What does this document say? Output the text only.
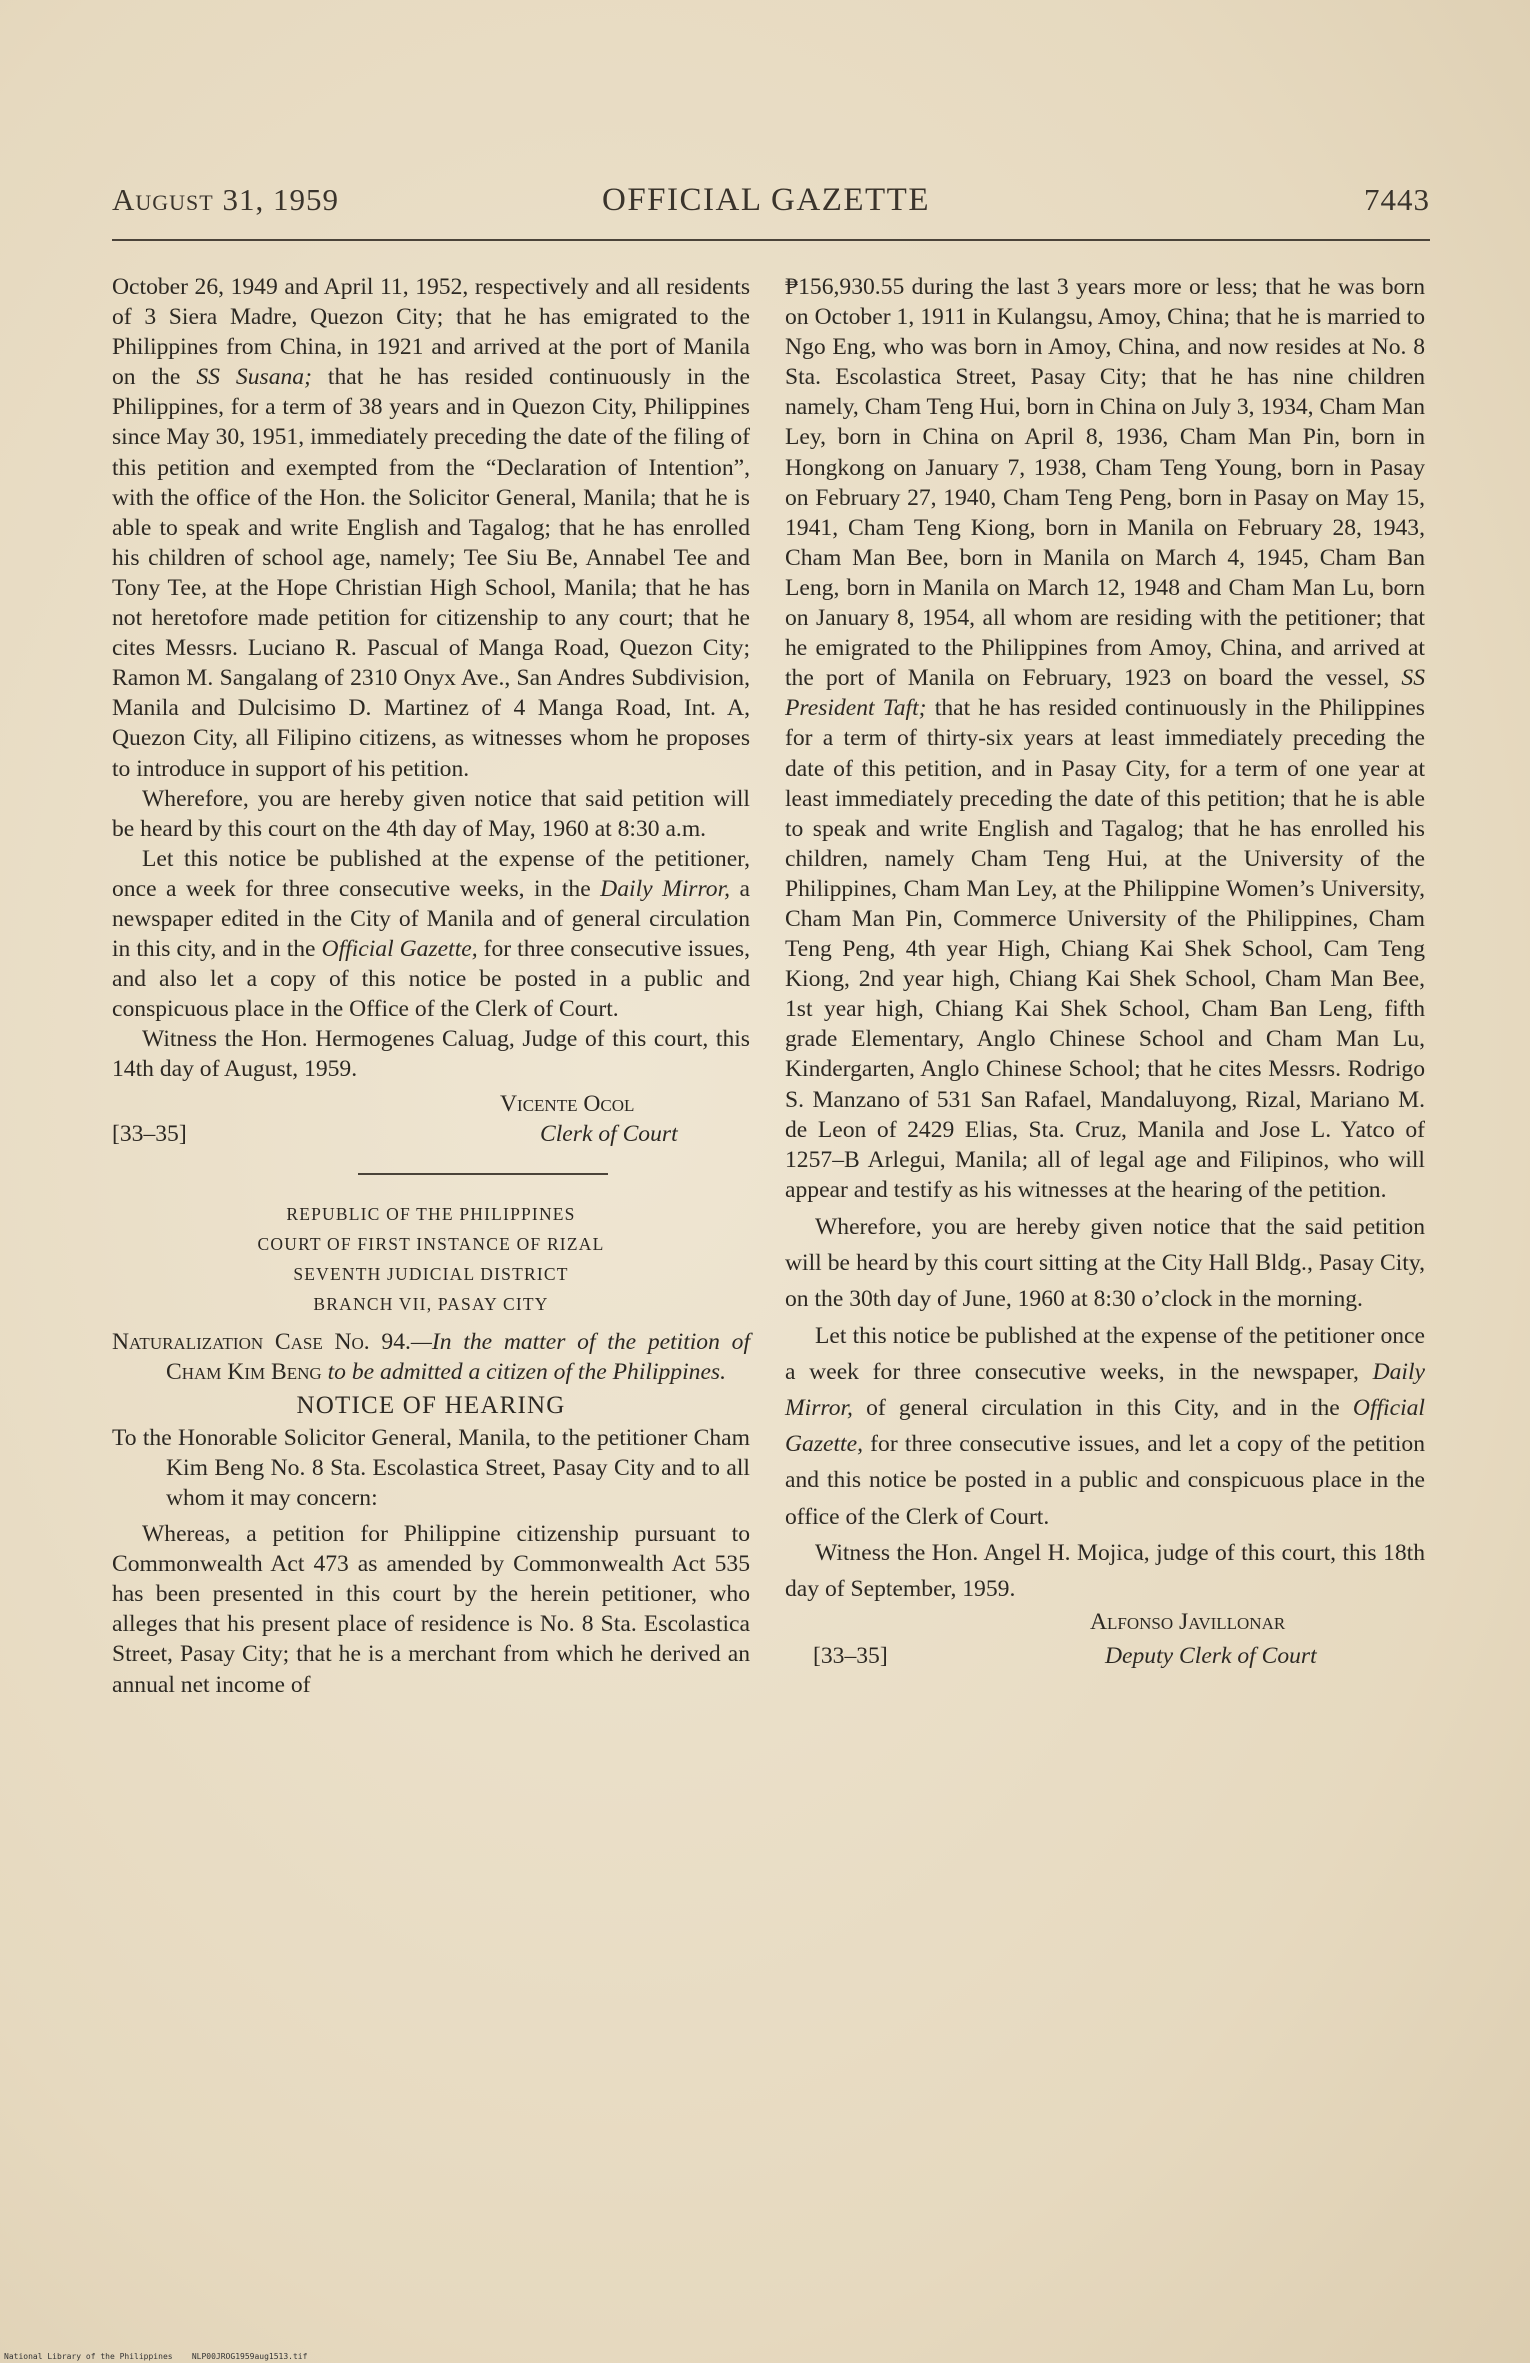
August 31, 1959	OFFICIAL GAZETTE	7443

October 26, 1949 and April 11, 1952, respectively and all residents of 3 Siera Madre, Quezon City; that he has emigrated to the Philippines from China, in 1921 and arrived at the port of Manila on the SS Susana; that he has resided continuously in the Philippines, for a term of 38 years and in Quezon City, Philippines since May 30, 1951, immediately preceding the date of the filing of this petition and exempted from the “Declaration of Intention”, with the office of the Hon. the Solicitor General, Manila; that he is able to speak and write English and Tagalog; that he has enrolled his children of school age, namely; Tee Siu Be, Annabel Tee and Tony Tee, at the Hope Christian High School, Manila; that he has not heretofore made petition for citizenship to any court; that he cites Messrs. Luciano R. Pascual of Manga Road, Quezon City; Ramon M. Sangalang of 2310 Onyx Ave., San Andres Subdivision, Manila and Dulcisimo D. Martinez of 4 Manga Road, Int. A, Quezon City, all Filipino citizens, as witnesses whom he proposes to introduce in support of his petition.

Wherefore, you are hereby given notice that said petition will be heard by this court on the 4th day of May, 1960 at 8:30 a.m.

Let this notice be published at the expense of the petitioner, once a week for three consecutive weeks, in the Daily Mirror, a newspaper edited in the City of Manila and of general circulation in this city, and in the Official Gazette, for three consecutive issues, and also let a copy of this notice be posted in a public and conspicuous place in the Office of the Clerk of Court.

Witness the Hon. Hermogenes Caluag, Judge of this court, this 14th day of August, 1959.

[33–35]
Vicente Ocol
Clerk of Court
REPUBLIC OF THE PHILIPPINES
COURT OF FIRST INSTANCE OF RIZAL
SEVENTH JUDICIAL DISTRICT
BRANCH VII, PASAY CITY

Naturalization Case No. 94.—In the matter of the petition of Cham Kim Beng to be admitted a citizen of the Philippines.

NOTICE OF HEARING

To the Honorable Solicitor General, Manila, to the petitioner Cham Kim Beng No. 8 Sta. Escolastica Street, Pasay City and to all whom it may concern:

Whereas, a petition for Philippine citizenship pursuant to Commonwealth Act 473 as amended by Commonwealth Act 535 has been presented in this court by the herein petitioner, who alleges that his present place of residence is No. 8 Sta. Escolastica Street, Pasay City; that he is a merchant from which he derived an annual net income of

₱156,930.55 during the last 3 years more or less; that he was born on October 1, 1911 in Kulangsu, Amoy, China; that he is married to Ngo Eng, who was born in Amoy, China, and now resides at No. 8 Sta. Escolastica Street, Pasay City; that he has nine children namely, Cham Teng Hui, born in China on July 3, 1934, Cham Man Ley, born in China on April 8, 1936, Cham Man Pin, born in Hongkong on January 7, 1938, Cham Teng Young, born in Pasay on February 27, 1940, Cham Teng Peng, born in Pasay on May 15, 1941, Cham Teng Kiong, born in Manila on February 28, 1943, Cham Man Bee, born in Manila on March 4, 1945, Cham Ban Leng, born in Manila on March 12, 1948 and Cham Man Lu, born on January 8, 1954, all whom are residing with the petitioner; that he emigrated to the Philippines from Amoy, China, and arrived at the port of Manila on February, 1923 on board the vessel, SS President Taft; that he has resided continuously in the Philippines for a term of thirty-six years at least immediately preceding the date of this petition, and in Pasay City, for a term of one year at least immediately preceding the date of this petition; that he is able to speak and write English and Tagalog; that he has enrolled his children, namely Cham Teng Hui, at the University of the Philippines, Cham Man Ley, at the Philippine Women’s University, Cham Man Pin, Commerce University of the Philippines, Cham Teng Peng, 4th year High, Chiang Kai Shek School, Cam Teng Kiong, 2nd year high, Chiang Kai Shek School, Cham Man Bee, 1st year high, Chiang Kai Shek School, Cham Ban Leng, fifth grade Elementary, Anglo Chinese School and Cham Man Lu, Kindergarten, Anglo Chinese School; that he cites Messrs. Rodrigo S. Manzano of 531 San Rafael, Mandaluyong, Rizal, Mariano M. de Leon of 2429 Elias, Sta. Cruz, Manila and Jose L. Yatco of 1257–B Arlegui, Manila; all of legal age and Filipinos, who will appear and testify as his witnesses at the hearing of the petition.

Wherefore, you are hereby given notice that the said petition will be heard by this court sitting at the City Hall Bldg., Pasay City, on the 30th day of June, 1960 at 8:30 o’clock in the morning.

Let this notice be published at the expense of the petitioner once a week for three consecutive weeks, in the newspaper, Daily Mirror, of general circulation in this City, and in the Official Gazette, for three consecutive issues, and let a copy of the petition and this notice be posted in a public and conspicuous place in the office of the Clerk of Court.

Witness the Hon. Angel H. Mojica, judge of this court, this 18th day of September, 1959.

[33–35]
Alfonso Javillonar
Deputy Clerk of Court
National Library of the Philippines    NLP00JROG1959aug1513.tif
